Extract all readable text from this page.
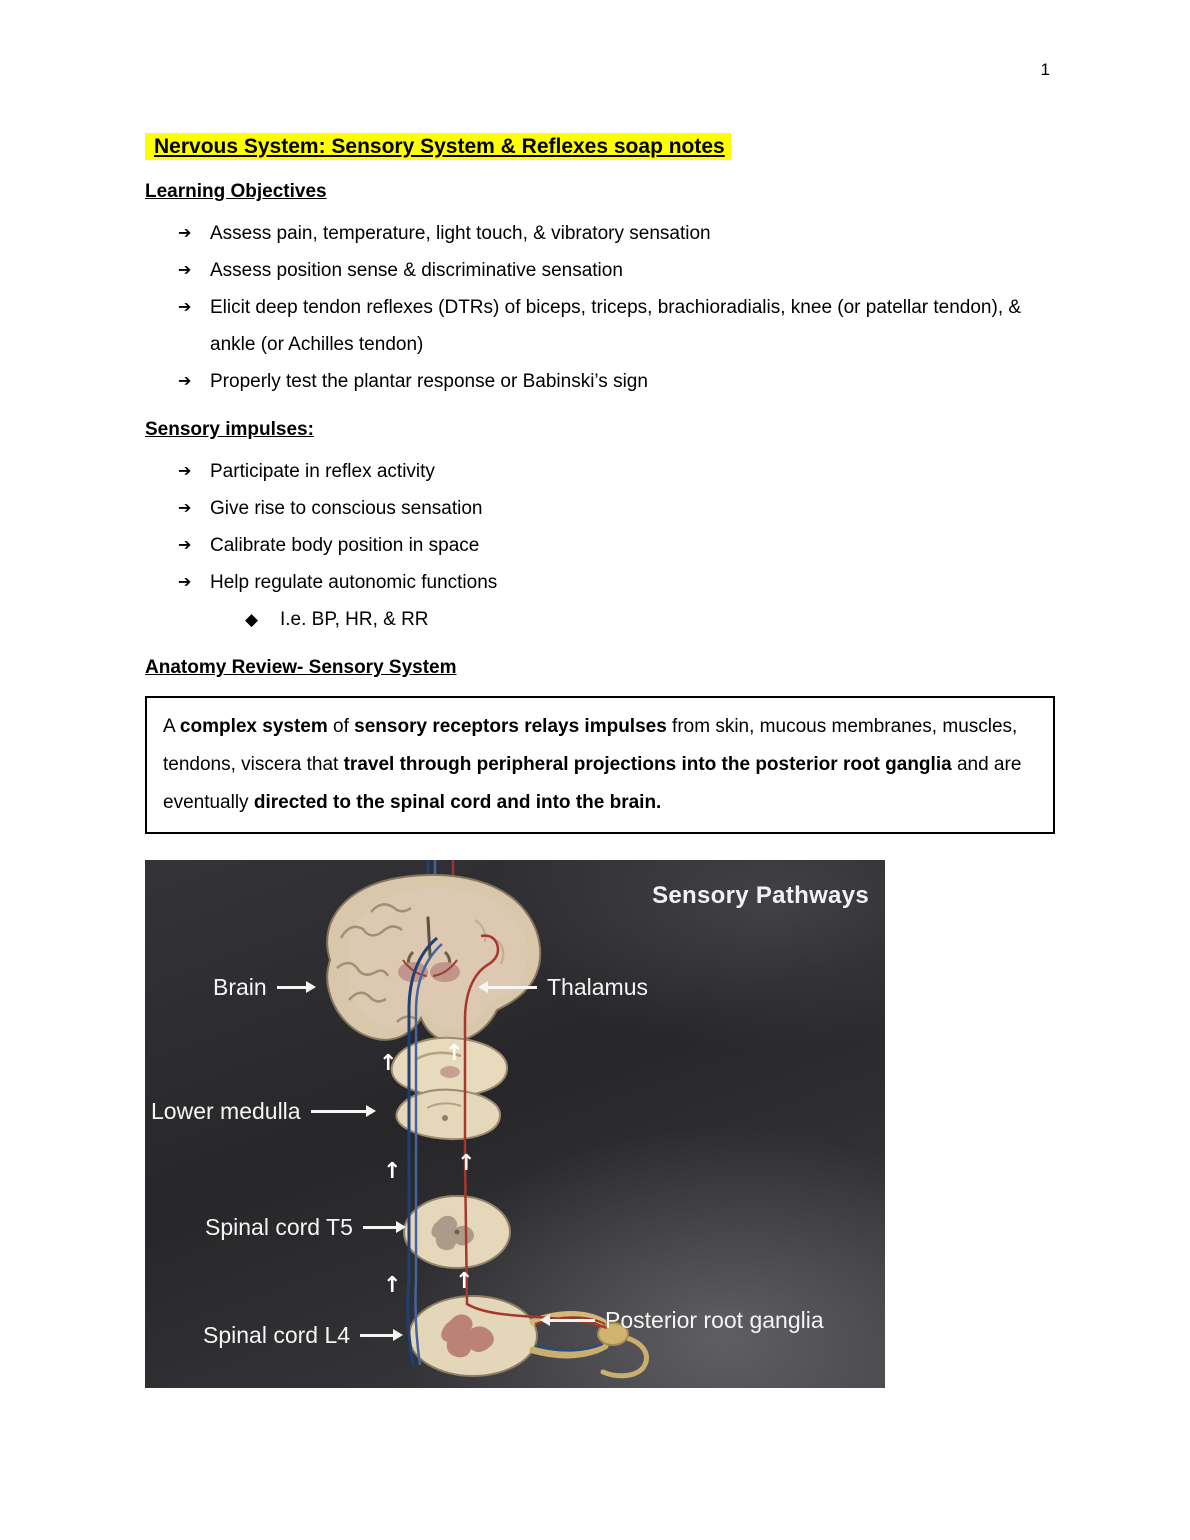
1
Nervous System: Sensory System & Reflexes soap notes
Learning Objectives
➔ Assess pain, temperature, light touch, & vibratory sensation
➔ Assess position sense & discriminative sensation
➔ Elicit deep tendon reflexes (DTRs) of biceps, triceps, brachioradialis, knee (or patellar tendon), & ankle (or Achilles tendon)
➔ Properly test the plantar response or Babinski’s sign
Sensory impulses:
➔ Participate in reflex activity
➔ Give rise to conscious sensation
➔ Calibrate body position in space
➔ Help regulate autonomic functions
◆	I.e. BP, HR, & RR
Anatomy Review- Sensory System

A complex system of sensory receptors relays impulses from skin, mucous membranes, muscles, tendons, viscera that travel through peripheral projections into the posterior root ganglia and are eventually directed to the spinal cord and into the brain.

↑ ↑
↑	↑
↑ ↑
Sensory Pathways
Brain	Thalamus
Lower medulla
Spinal cord T5
Spinal cord L4
Posterior root ganglia
